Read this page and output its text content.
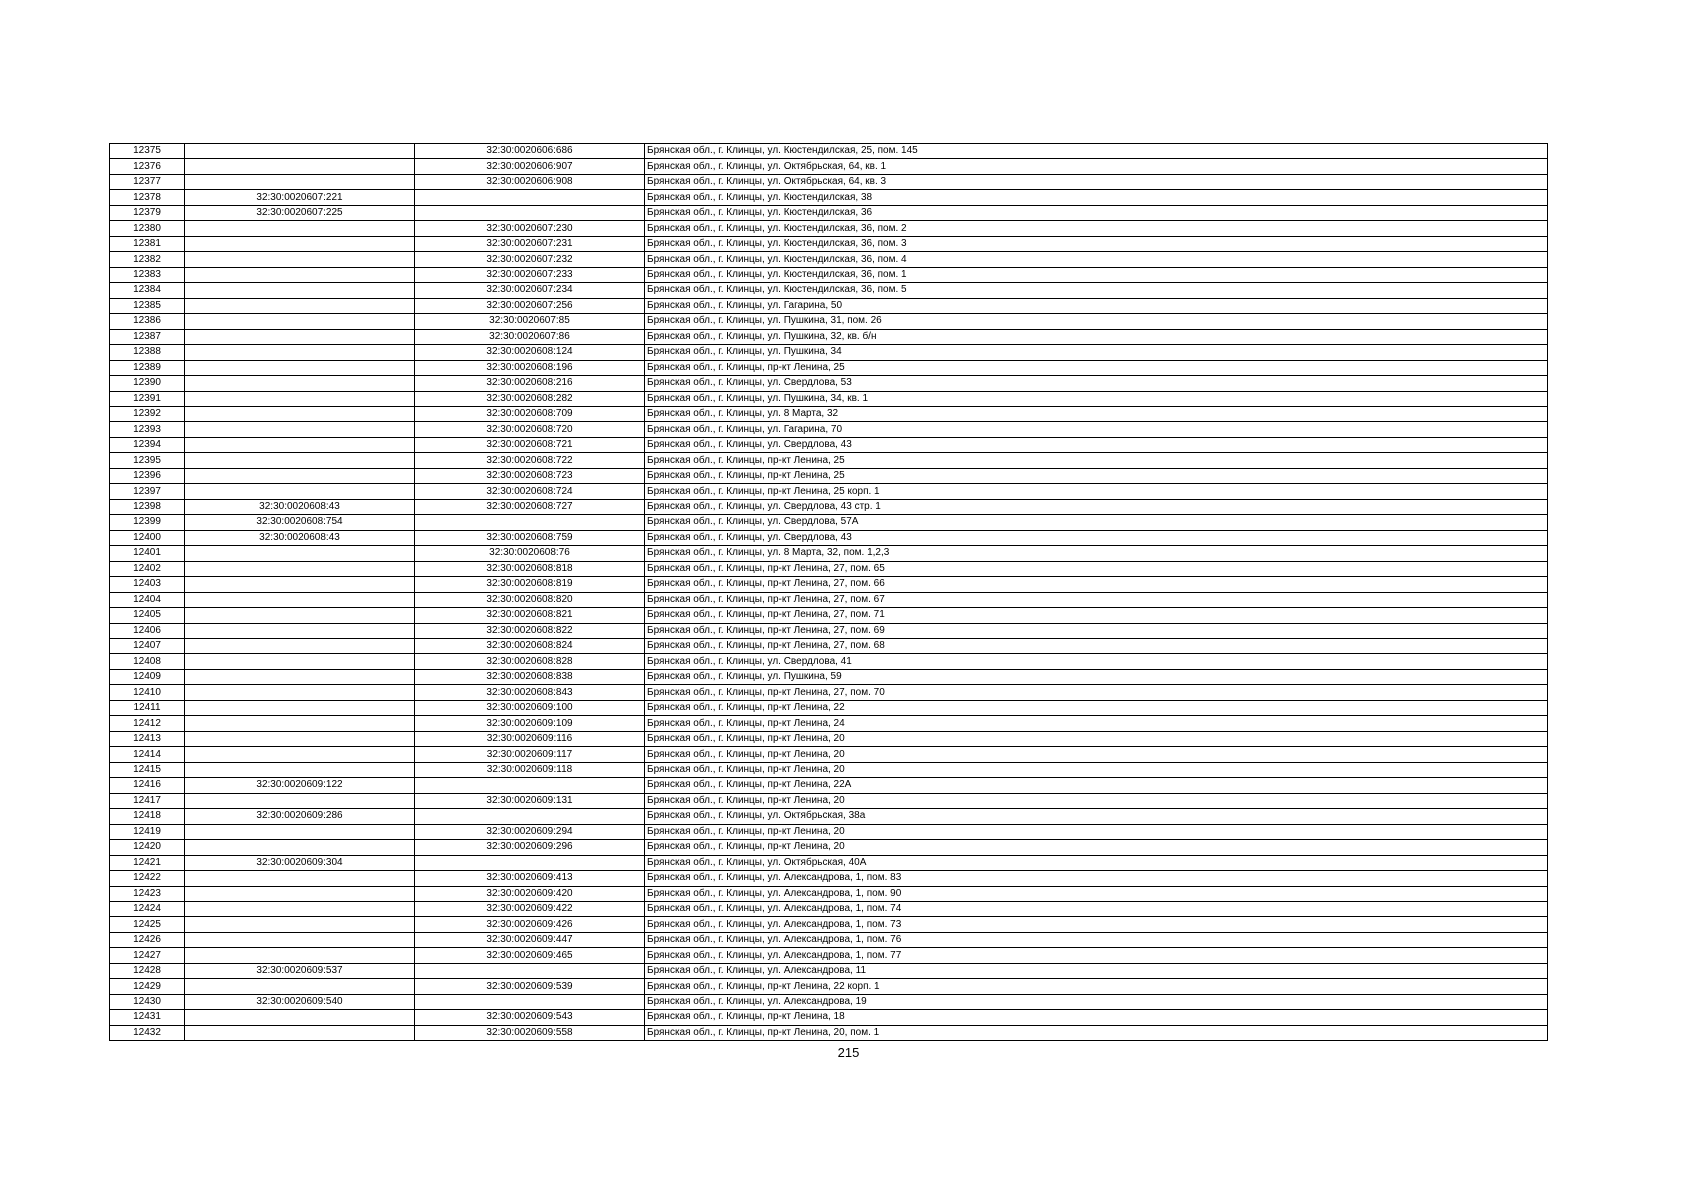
12375		32:30:0020606:686	Брянская обл., г. Клинцы, ул. Кюстендилская, 25, пом. 145
12376		32:30:0020606:907	Брянская обл., г. Клинцы, ул. Октябрьская, 64, кв. 1
12377		32:30:0020606:908	Брянская обл., г. Клинцы, ул. Октябрьская, 64, кв. 3
12378	32:30:0020607:221		Брянская обл., г. Клинцы, ул. Кюстендилская, 38
12379	32:30:0020607:225		Брянская обл., г. Клинцы, ул. Кюстендилская, 36
12380		32:30:0020607:230	Брянская обл., г. Клинцы, ул. Кюстендилская, 36, пом. 2
12381		32:30:0020607:231	Брянская обл., г. Клинцы, ул. Кюстендилская, 36, пом. 3
12382		32:30:0020607:232	Брянская обл., г. Клинцы, ул. Кюстендилская, 36, пом. 4
12383		32:30:0020607:233	Брянская обл., г. Клинцы, ул. Кюстендилская, 36, пом. 1
12384		32:30:0020607:234	Брянская обл., г. Клинцы, ул. Кюстендилская, 36, пом. 5
12385		32:30:0020607:256	Брянская обл., г. Клинцы, ул. Гагарина, 50
12386		32:30:0020607:85	Брянская обл., г. Клинцы, ул. Пушкина, 31, пом. 26
12387		32:30:0020607:86	Брянская обл., г. Клинцы, ул. Пушкина, 32, кв. б/н
12388		32:30:0020608:124	Брянская обл., г. Клинцы, ул. Пушкина, 34
12389		32:30:0020608:196	Брянская обл., г. Клинцы, пр-кт Ленина, 25
12390		32:30:0020608:216	Брянская обл., г. Клинцы, ул. Свердлова, 53
12391		32:30:0020608:282	Брянская обл., г. Клинцы, ул. Пушкина, 34, кв. 1
12392		32:30:0020608:709	Брянская обл., г. Клинцы, ул. 8 Марта, 32
12393		32:30:0020608:720	Брянская обл., г. Клинцы, ул. Гагарина, 70
12394		32:30:0020608:721	Брянская обл., г. Клинцы, ул. Свердлова, 43
12395		32:30:0020608:722	Брянская обл., г. Клинцы, пр-кт Ленина, 25
12396		32:30:0020608:723	Брянская обл., г. Клинцы, пр-кт Ленина, 25
12397		32:30:0020608:724	Брянская обл., г. Клинцы, пр-кт Ленина, 25 корп. 1
12398	32:30:0020608:43	32:30:0020608:727	Брянская обл., г. Клинцы, ул. Свердлова, 43 стр. 1
12399	32:30:0020608:754		Брянская обл., г. Клинцы, ул. Свердлова, 57А
12400	32:30:0020608:43	32:30:0020608:759	Брянская обл., г. Клинцы, ул. Свердлова, 43
12401		32:30:0020608:76	Брянская обл., г. Клинцы, ул. 8 Марта, 32, пом. 1,2,3
12402		32:30:0020608:818	Брянская обл., г. Клинцы, пр-кт Ленина, 27, пом. 65
12403		32:30:0020608:819	Брянская обл., г. Клинцы, пр-кт Ленина, 27, пом. 66
12404		32:30:0020608:820	Брянская обл., г. Клинцы, пр-кт Ленина, 27, пом. 67
12405		32:30:0020608:821	Брянская обл., г. Клинцы, пр-кт Ленина, 27, пом. 71
12406		32:30:0020608:822	Брянская обл., г. Клинцы, пр-кт Ленина, 27, пом. 69
12407		32:30:0020608:824	Брянская обл., г. Клинцы, пр-кт Ленина, 27, пом. 68
12408		32:30:0020608:828	Брянская обл., г. Клинцы, ул. Свердлова, 41
12409		32:30:0020608:838	Брянская обл., г. Клинцы, ул. Пушкина, 59
12410		32:30:0020608:843	Брянская обл., г. Клинцы, пр-кт Ленина, 27, пом. 70
12411		32:30:0020609:100	Брянская обл., г. Клинцы, пр-кт Ленина, 22
12412		32:30:0020609:109	Брянская обл., г. Клинцы, пр-кт Ленина, 24
12413		32:30:0020609:116	Брянская обл., г. Клинцы, пр-кт Ленина, 20
12414		32:30:0020609:117	Брянская обл., г. Клинцы, пр-кт Ленина, 20
12415		32:30:0020609:118	Брянская обл., г. Клинцы, пр-кт Ленина, 20
12416	32:30:0020609:122		Брянская обл., г. Клинцы, пр-кт Ленина, 22А
12417		32:30:0020609:131	Брянская обл., г. Клинцы, пр-кт Ленина, 20
12418	32:30:0020609:286		Брянская обл., г. Клинцы, ул. Октябрьская, 38а
12419		32:30:0020609:294	Брянская обл., г. Клинцы, пр-кт Ленина, 20
12420		32:30:0020609:296	Брянская обл., г. Клинцы, пр-кт Ленина, 20
12421	32:30:0020609:304		Брянская обл., г. Клинцы, ул. Октябрьская, 40А
12422		32:30:0020609:413	Брянская обл., г. Клинцы, ул. Александрова, 1, пом. 83
12423		32:30:0020609:420	Брянская обл., г. Клинцы, ул. Александрова, 1, пом. 90
12424		32:30:0020609:422	Брянская обл., г. Клинцы, ул. Александрова, 1, пом. 74
12425		32:30:0020609:426	Брянская обл., г. Клинцы, ул. Александрова, 1, пом. 73
12426		32:30:0020609:447	Брянская обл., г. Клинцы, ул. Александрова, 1, пом. 76
12427		32:30:0020609:465	Брянская обл., г. Клинцы, ул. Александрова, 1, пом. 77
12428	32:30:0020609:537		Брянская обл., г. Клинцы, ул. Александрова, 11
12429		32:30:0020609:539	Брянская обл., г. Клинцы, пр-кт Ленина, 22 корп. 1
12430	32:30:0020609:540		Брянская обл., г. Клинцы, ул. Александрова, 19
12431		32:30:0020609:543	Брянская обл., г. Клинцы, пр-кт Ленина, 18
12432		32:30:0020609:558	Брянская обл., г. Клинцы, пр-кт Ленина, 20, пом. 1
215
